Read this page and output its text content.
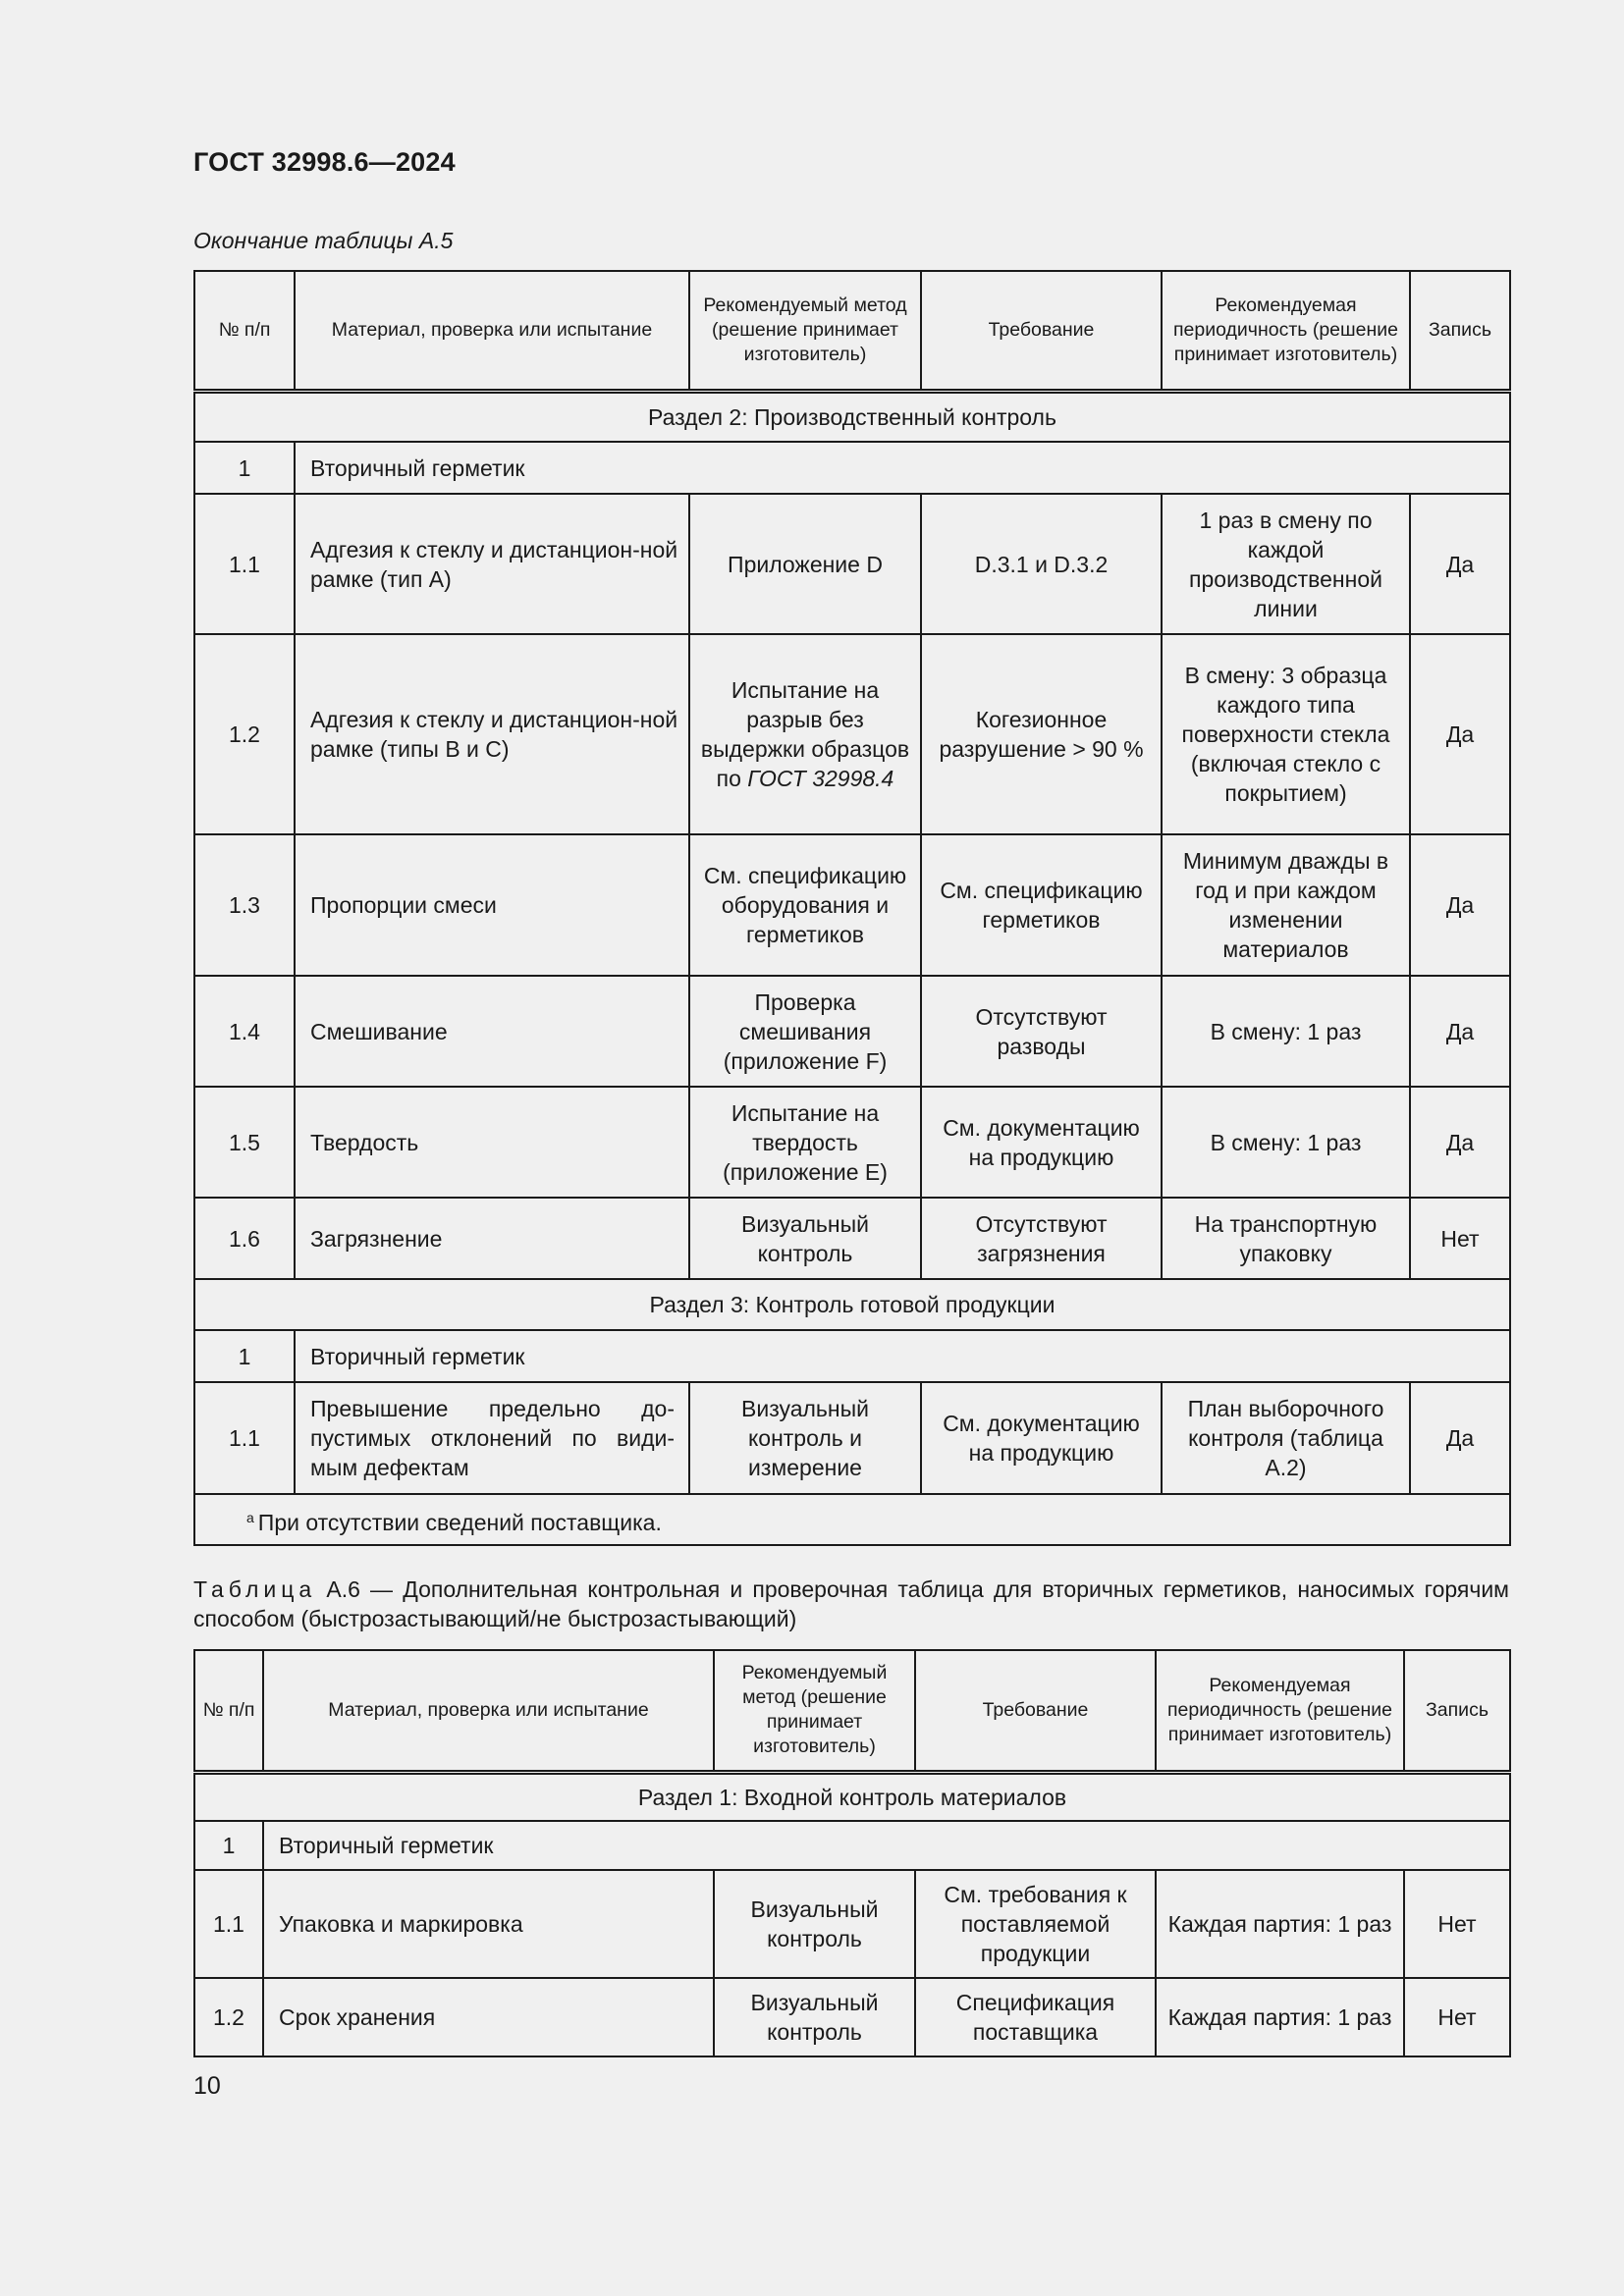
ГОСТ 32998.6—2024
Окончание таблицы А.5
№ п/п	Материал, проверка или испытание	Рекомендуемый метод (решение принимает изготовитель)	Требование	Рекомендуемая периодичность (решение принимает изготовитель)	Запись
Раздел 2: Производственный контроль					
1	Вторичный герметик				
1.1	Адгезия к стеклу и дистанцион-ной рамке (тип А)	Приложение D	D.3.1 и D.3.2	1 раз в смену по каждой производственной линии	Да
1.2	Адгезия к стеклу и дистанцион-ной рамке (типы В и С)	Испытание на разрыв без выдержки образцов по ГОСТ 32998.4	Когезионное разрушение > 90 %	В смену: 3 образца каждого типа поверхности стекла (включая стекло с покрытием)	Да
1.3	Пропорции смеси	См. спецификацию оборудования и герметиков	См. спецификацию герметиков	Минимум дважды в год и при каждом изменении материалов	Да
1.4	Смешивание	Проверка смешивания (приложение F)	Отсутствуют разводы	В смену: 1 раз	Да
1.5	Твердость	Испытание на твердость (приложение Е)	См. документацию на продукцию	В смену: 1 раз	Да
1.6	Загрязнение	Визуальный контроль	Отсутствуют загрязнения	На транспортную упаковку	Нет
Раздел 3: Контроль готовой продукции					
1	Вторичный герметик				
1.1	Превышение предельно до-пустимых отклонений по види-мым дефектам	Визуальный контроль и измерение	См. документацию на продукцию	План выборочного контроля (таблица А.2)	Да
$^а$ При отсутствии сведений поставщика.					
Таблица А.6 — Дополнительная контрольная и проверочная таблица для вторичных герметиков, наносимых горячим способом (быстрозастывающий/не быстрозастывающий)
№ п/п	Материал, проверка или испытание	Рекомендуемый метод (решение принимает изготовитель)	Требование	Рекомендуемая периодичность (решение принимает изготовитель)	Запись
Раздел 1: Входной контроль материалов					
1	Вторичный герметик				
1.1	Упаковка и маркировка	Визуальный контроль	См. требования к поставляемой продукции	Каждая партия: 1 раз	Нет
1.2	Срок хранения	Визуальный контроль	Спецификация поставщика	Каждая партия: 1 раз	Нет
10
